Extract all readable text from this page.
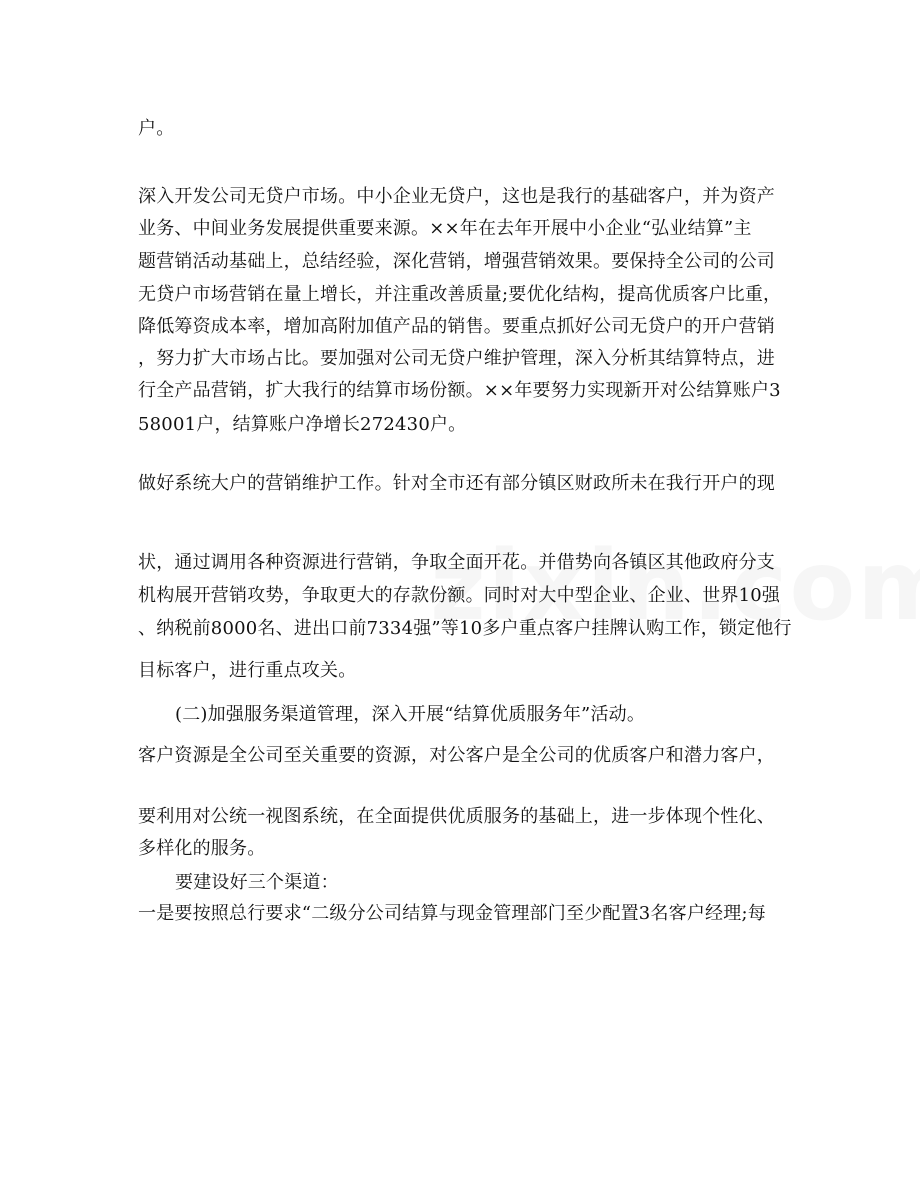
户。
深入开发公司无贷户市场。中小企业无贷户，这也是我行的基础客户，并为资产
业务、中间业务发展提供重要来源。××年在去年开展中小企业“弘业结算”主
题营销活动基础上，总结经验，深化营销，增强营销效果。要保持全公司的公司
无贷户市场营销在量上增长，并注重改善质量;要优化结构，提高优质客户比重，
降低筹资成本率，增加高附加值产品的销售。要重点抓好公司无贷户的开户营销
，努力扩大市场占比。要加强对公司无贷户维护管理，深入分析其结算特点，进
行全产品营销，扩大我行的结算市场份额。××年要努力实现新开对公结算账户3
58001户，结算账户净增长272430户。
做好系统大户的营销维护工作。针对全市还有部分镇区财政所未在我行开户的现
状，通过调用各种资源进行营销，争取全面开花。并借势向各镇区其他政府分支
机构展开营销攻势，争取更大的存款份额。同时对大中型企业、企业、世界10强
、纳税前8000名、进出口前7334强”等10多户重点客户挂牌认购工作，锁定他行
目标客户，进行重点攻关。
(二)加强服务渠道管理，深入开展“结算优质服务年”活动。
客户资源是全公司至关重要的资源，对公客户是全公司的优质客户和潜力客户，
要利用对公统一视图系统，在全面提供优质服务的基础上，进一步体现个性化、
多样化的服务。
要建设好三个渠道：
一是要按照总行要求“二级分公司结算与现金管理部门至少配置3名客户经理;每
